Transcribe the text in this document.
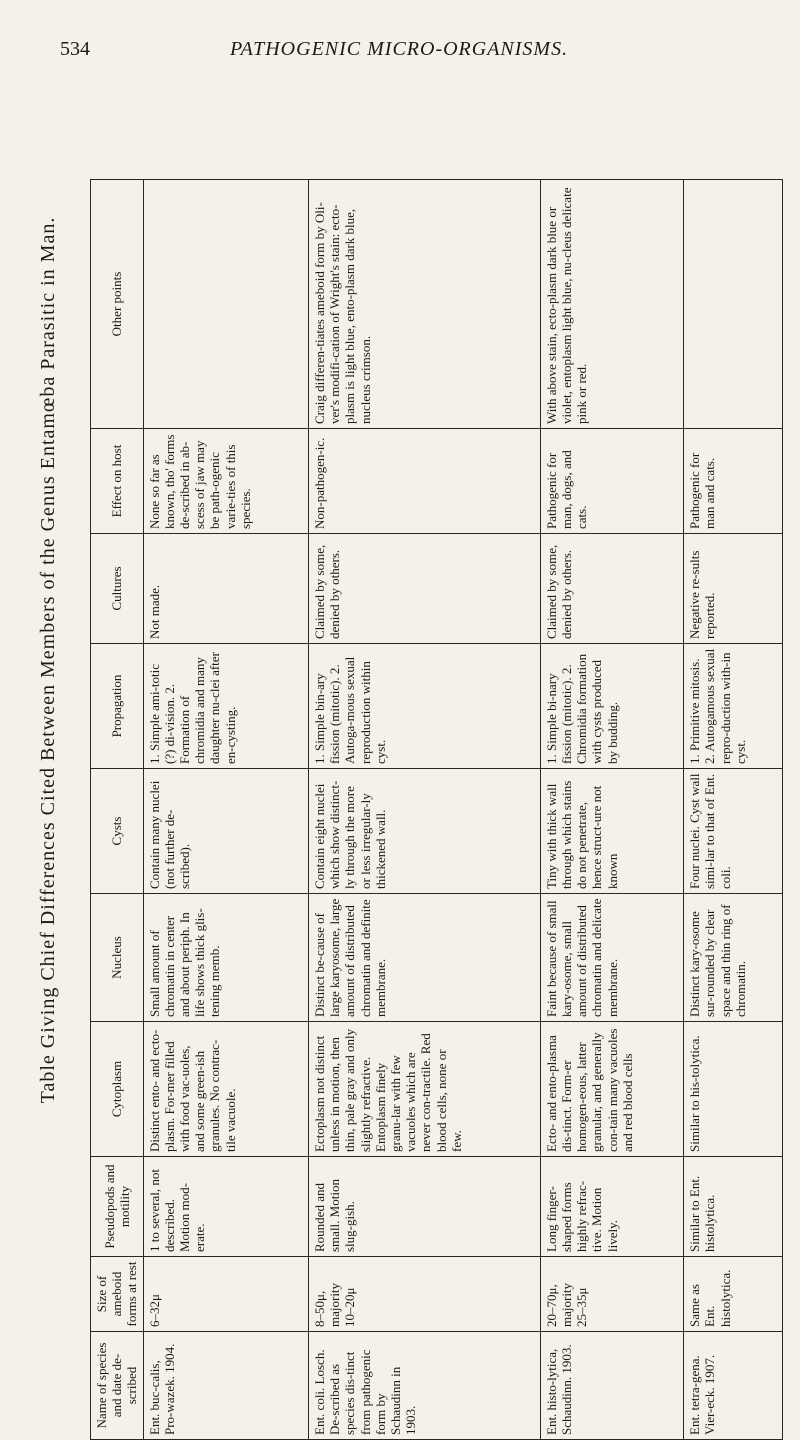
534	PATHOGENIC MICRO-ORGANISMS.
Table Giving Chief Differences Cited Between Members of the Genus Entamœba Parasitic in Man.
Name of species and date de-scribed	Size of ameboid forms at rest	Pseudopods and motility	Cytoplasm	Nucleus	Cysts	Propagation	Cultures	Effect on host	Other points
Ent. buc-calis, Pro-wazek. 1904.	6–32μ	1 to several, not described. Motion mod-erate.	Distinct ento- and ecto-plasm. For-mer filled with food vac-uoles, and some green-ish granules. No contrac-tile vacuole.	Small amount of chromatin in center and about periph. In life shows thick glis-tening memb.	Contain many nuclei (not further de-scribed).	1. Simple ami-totic (?) di-vision. 2. Formation of chromidia and many daughter nu-clei after en-cysting.	Not made.	None so far as known, tho' forms de-scribed in ab-scess of jaw may be path-ogenic varie-ties of this species.	
Ent. coli. Losch. De-scribed as species dis-tinct from pathogenic form by Schaudinn in 1903.	8–50μ, majority 10–20μ	Rounded and small. Motion slug-gish.	Ectoplasm not distinct unless in motion, then thin, pale gray and only slightly refractive. Entoplasm finely granu-lar with few vacuoles which are never con-tractile. Red blood cells, none or few.	Distinct be-cause of large karyosome, large amount of distributed chromatin and definite membrane.	Contain eight nuclei which show distinct-ly through the more or less irregular-ly thickened wall.	1. Simple bin-ary fission (mitotic). 2. Autoga-mous sexual reproduction within cyst.	Claimed by some, denied by others.	Non-pathogen-ic.	Craig differen-tiates ameboid form by Oli-ver's modifi-cation of Wright's stain: ecto-plasm is light blue, ento-plasm dark blue, nucleus crimson.
Ent. histo-lytica, Schaudinn. 1903.	20–70μ, majority 25–35μ	Long finger-shaped forms highly refrac-tive. Motion lively.	Ecto- and ento-plasma dis-tinct. Form-er homogen-eous, latter granular, and generally con-tain many vacuoles and red blood cells	Faint because of small kary-osome, small amount of distributed chromatin and delicate membrane.	Tiny with thick wall through which stains do not penetrate, hence struct-ure not known	1. Simple bi-nary fission (mitotic). 2. Chromidia formation with cysts produced by budding.	Claimed by some, denied by others.	Pathogenic for man, dogs, and cats.	With above stain, ecto-plasm dark blue or violet, entoplasm light blue, nu-cleus delicate pink or red.
Ent. tetra-gena. Vier-eck. 1907.	Same as Ent. histolytica.	Similar to Ent. histolytica.	Similar to his-tolytica.	Distinct kary-osome sur-rounded by clear space and thin ring of chromatin.	Four nuclei. Cyst wall simi-lar to that of Ent. coli.	1. Primitive mitosis. 2. Autogamous sexual repro-duction with-in cyst.	Negative re-sults reported.	Pathogenic for man and cats.	
